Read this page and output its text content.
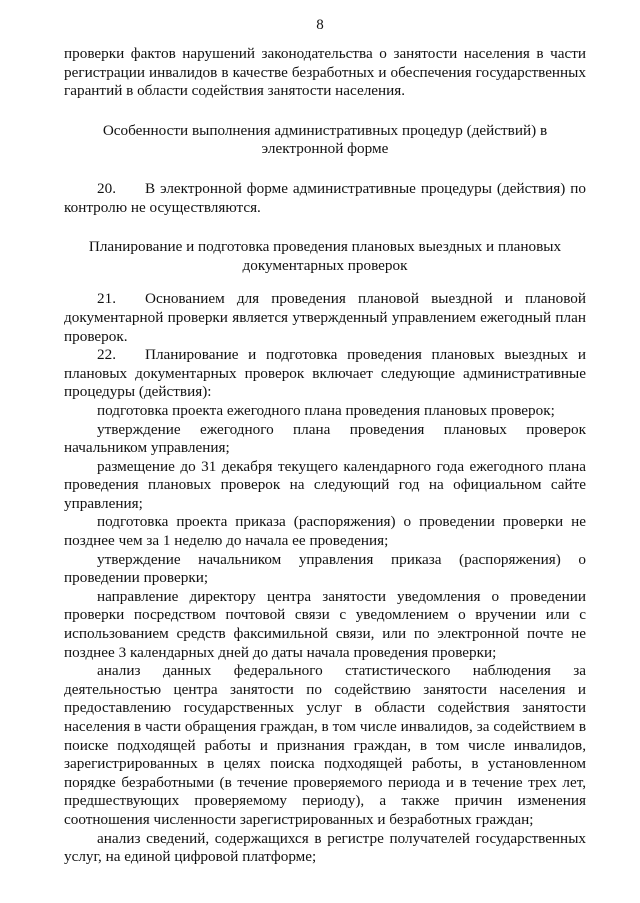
8

проверки фактов нарушений законодательства о занятости населения в части регистрации инвалидов в качестве безработных и обеспечения государственных гарантий в области содействия занятости населения.

Особенности выполнения административных процедур (действий) в электронной форме

20. В электронной форме административные процедуры (действия) по контролю не осуществляются.

Планирование и подготовка проведения плановых выездных и плановых документарных проверок

21. Основанием для проведения плановой выездной и плановой документарной проверки является утвержденный управлением ежегодный план проверок.

22. Планирование и подготовка проведения плановых выездных и плановых документарных проверок включает следующие административные процедуры (действия):

подготовка проекта ежегодного плана проведения плановых проверок;

утверждение ежегодного плана проведения плановых проверок начальником управления;

размещение до 31 декабря текущего календарного года ежегодного плана проведения плановых проверок на следующий год на официальном сайте управления;

подготовка проекта приказа (распоряжения) о проведении проверки не позднее чем за 1 неделю до начала ее проведения;

утверждение начальником управления приказа (распоряжения) о проведении проверки;

направление директору центра занятости уведомления о проведении проверки посредством почтовой связи с уведомлением о вручении или с использованием средств факсимильной связи, или по электронной почте не позднее 3 календарных дней до даты начала проведения проверки;

анализ данных федерального статистического наблюдения за деятельностью центра занятости по содействию занятости населения и предоставлению государственных услуг в области содействия занятости населения в части обращения граждан, в том числе инвалидов, за содействием в поиске подходящей работы и признания граждан, в том числе инвалидов, зарегистрированных в целях поиска подходящей работы, в установленном порядке безработными (в течение проверяемого периода и в течение трех лет, предшествующих проверяемому периоду), а также причин изменения соотношения численности зарегистрированных и безработных граждан;

анализ сведений, содержащихся в регистре получателей государственных услуг, на единой цифровой платформе;
